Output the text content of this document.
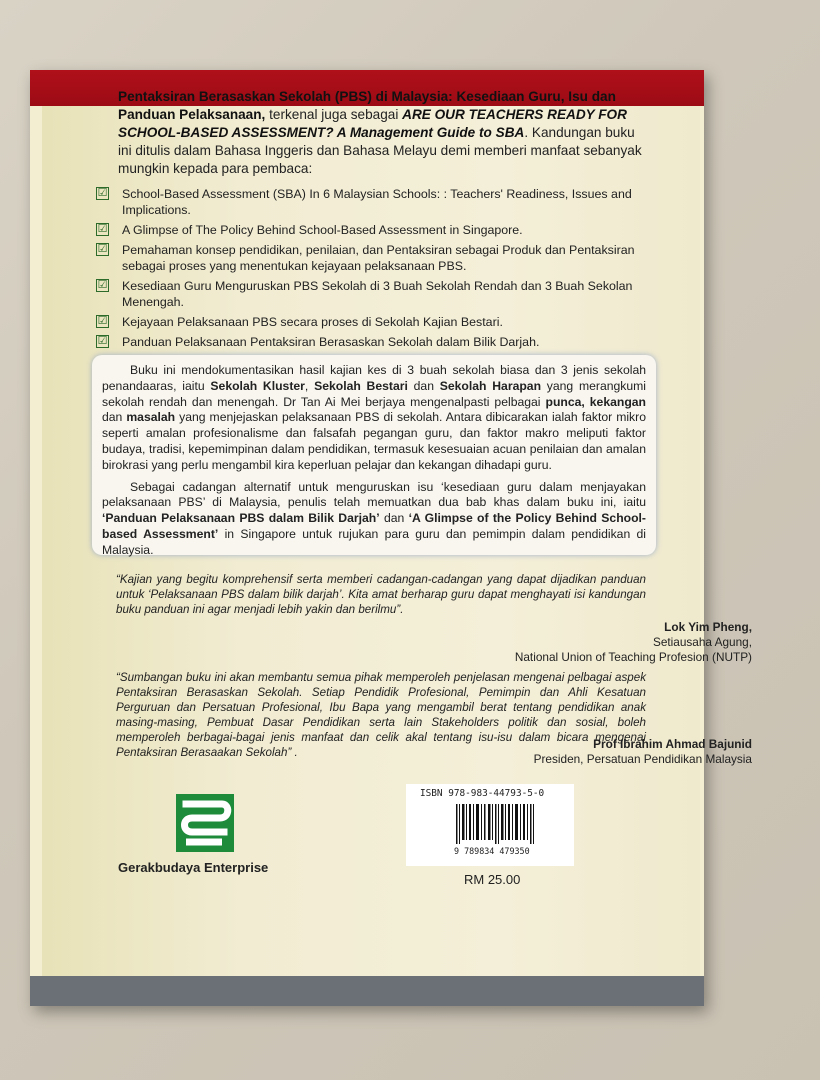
Pentaksiran Berasaskan Sekolah (PBS) di Malaysia: Kesediaan Guru, Isu dan Panduan Pelaksanaan, terkenal juga sebagai ARE OUR TEACHERS READY FOR SCHOOL-BASED ASSESSMENT? A Management Guide to SBA. Kandungan buku ini ditulis dalam Bahasa Inggeris dan Bahasa Melayu demi memberi manfaat sebanyak mungkin kepada para pembaca:
☑ School-Based Assessment (SBA) In 6 Malaysian Schools: : Teachers' Readiness, Issues and Implications.
☑ A Glimpse of The Policy Behind School-Based Assessment in Singapore.
☑ Pemahaman konsep pendidikan, penilaian, dan Pentaksiran sebagai Produk dan Pentaksiran sebagai proses yang menentukan kejayaan pelaksanaan PBS.
☑ Kesediaan Guru Menguruskan PBS Sekolah di 3 Buah Sekolah Rendah dan 3 Buah Sekolan Menengah.
☑ Kejayaan Pelaksanaan PBS secara proses di Sekolah Kajian Bestari.
☑ Panduan Pelaksanaan Pentaksiran Berasaskan Sekolah dalam Bilik Darjah.

Buku ini mendokumentasikan hasil kajian kes di 3 buah sekolah biasa dan 3 jenis sekolah penandaaras, iaitu Sekolah Kluster, Sekolah Bestari dan Sekolah Harapan yang merangkumi sekolah rendah dan menengah. Dr Tan Ai Mei berjaya mengenalpasti pelbagai punca, kekangan dan masalah yang menjejaskan pelaksanaan PBS di sekolah. Antara dibicarakan ialah faktor mikro seperti amalan profesionalisme dan falsafah pegangan guru, dan faktor makro meliputi faktor budaya, tradisi, kepemimpinan dalam pendidikan, termasuk kesesuaian acuan penilaian dan amalan birokrasi yang perlu mengambil kira keperluan pelajar dan kekangan dihadapi guru.

Sebagai cadangan alternatif untuk menguruskan isu ‘kesediaan guru dalam menjayakan pelaksanaan PBS’ di Malaysia, penulis telah memuatkan dua bab khas dalam buku ini, iaitu ‘Panduan Pelaksanaan PBS dalam Bilik Darjah’ dan ‘A Glimpse of the Policy Behind School-based Assessment’ in Singapore untuk rujukan para guru dan pemimpin dalam pendidikan di Malaysia.

“Kajian yang begitu komprehensif serta memberi cadangan-cadangan yang dapat dijadikan panduan untuk ‘Pelaksanaan PBS dalam bilik darjah’. Kita amat berharap guru dapat menghayati isi kandungan buku panduan ini agar menjadi lebih yakin dan berilmu”.
Lok Yim Pheng,
Setiausaha Agung,
National Union of Teaching Profesion (NUTP)
“Sumbangan buku ini akan membantu semua pihak memperoleh penjelasan mengenai pelbagai aspek Pentaksiran Berasaskan Sekolah. Setiap Pendidik Profesional, Pemimpin dan Ahli Kesatuan Perguruan dan Persatuan Profesional, Ibu Bapa yang mengambil berat tentang pendidikan anak masing-masing, Pembuat Dasar Pendidikan serta lain Stakeholders politik dan sosial, boleh memperoleh berbagai-bagai jenis manfaat dan celik akal tentang isu-isu dalam bicara mengenai Pentaksiran Berasaakan Sekolah” .
Prof Ibrahim Ahmad Bajunid
Presiden, Persatuan Pendidikan Malaysia
Gerakbudaya Enterprise
ISBN 978-983-44793-5-0
9 789834 479350
RM 25.00
